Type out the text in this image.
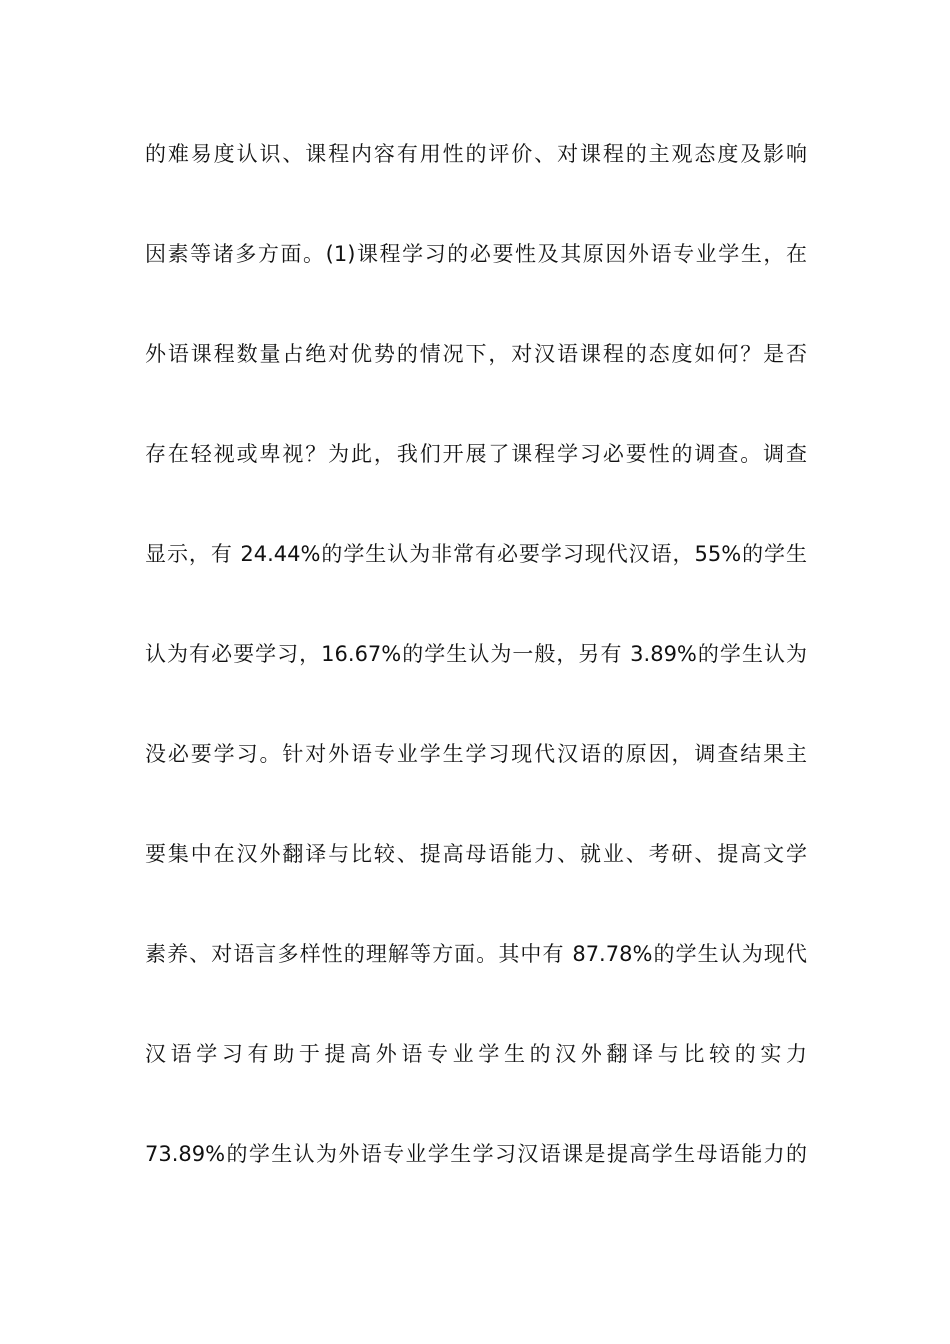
的难易度认识、课程内容有用性的评价、对课程的主观态度及影响
因素等诸多方面。(1)课程学习的必要性及其原因外语专业学生，在
外语课程数量占绝对优势的情况下，对汉语课程的态度如何？是否
存在轻视或卑视？为此，我们开展了课程学习必要性的调查。调查
显示，有 24.44%的学生认为非常有必要学习现代汉语，55%的学生
认为有必要学习，16.67%的学生认为一般，另有 3.89%的学生认为
没必要学习。针对外语专业学生学习现代汉语的原因，调查结果主
要集中在汉外翻译与比较、提高母语能力、就业、考研、提高文学
素养、对语言多样性的理解等方面。其中有 87.78%的学生认为现代
汉语学习有助于提高外语专业学生的汉外翻译与比较的实力
73.89%的学生认为外语专业学生学习汉语课是提高学生母语能力的
